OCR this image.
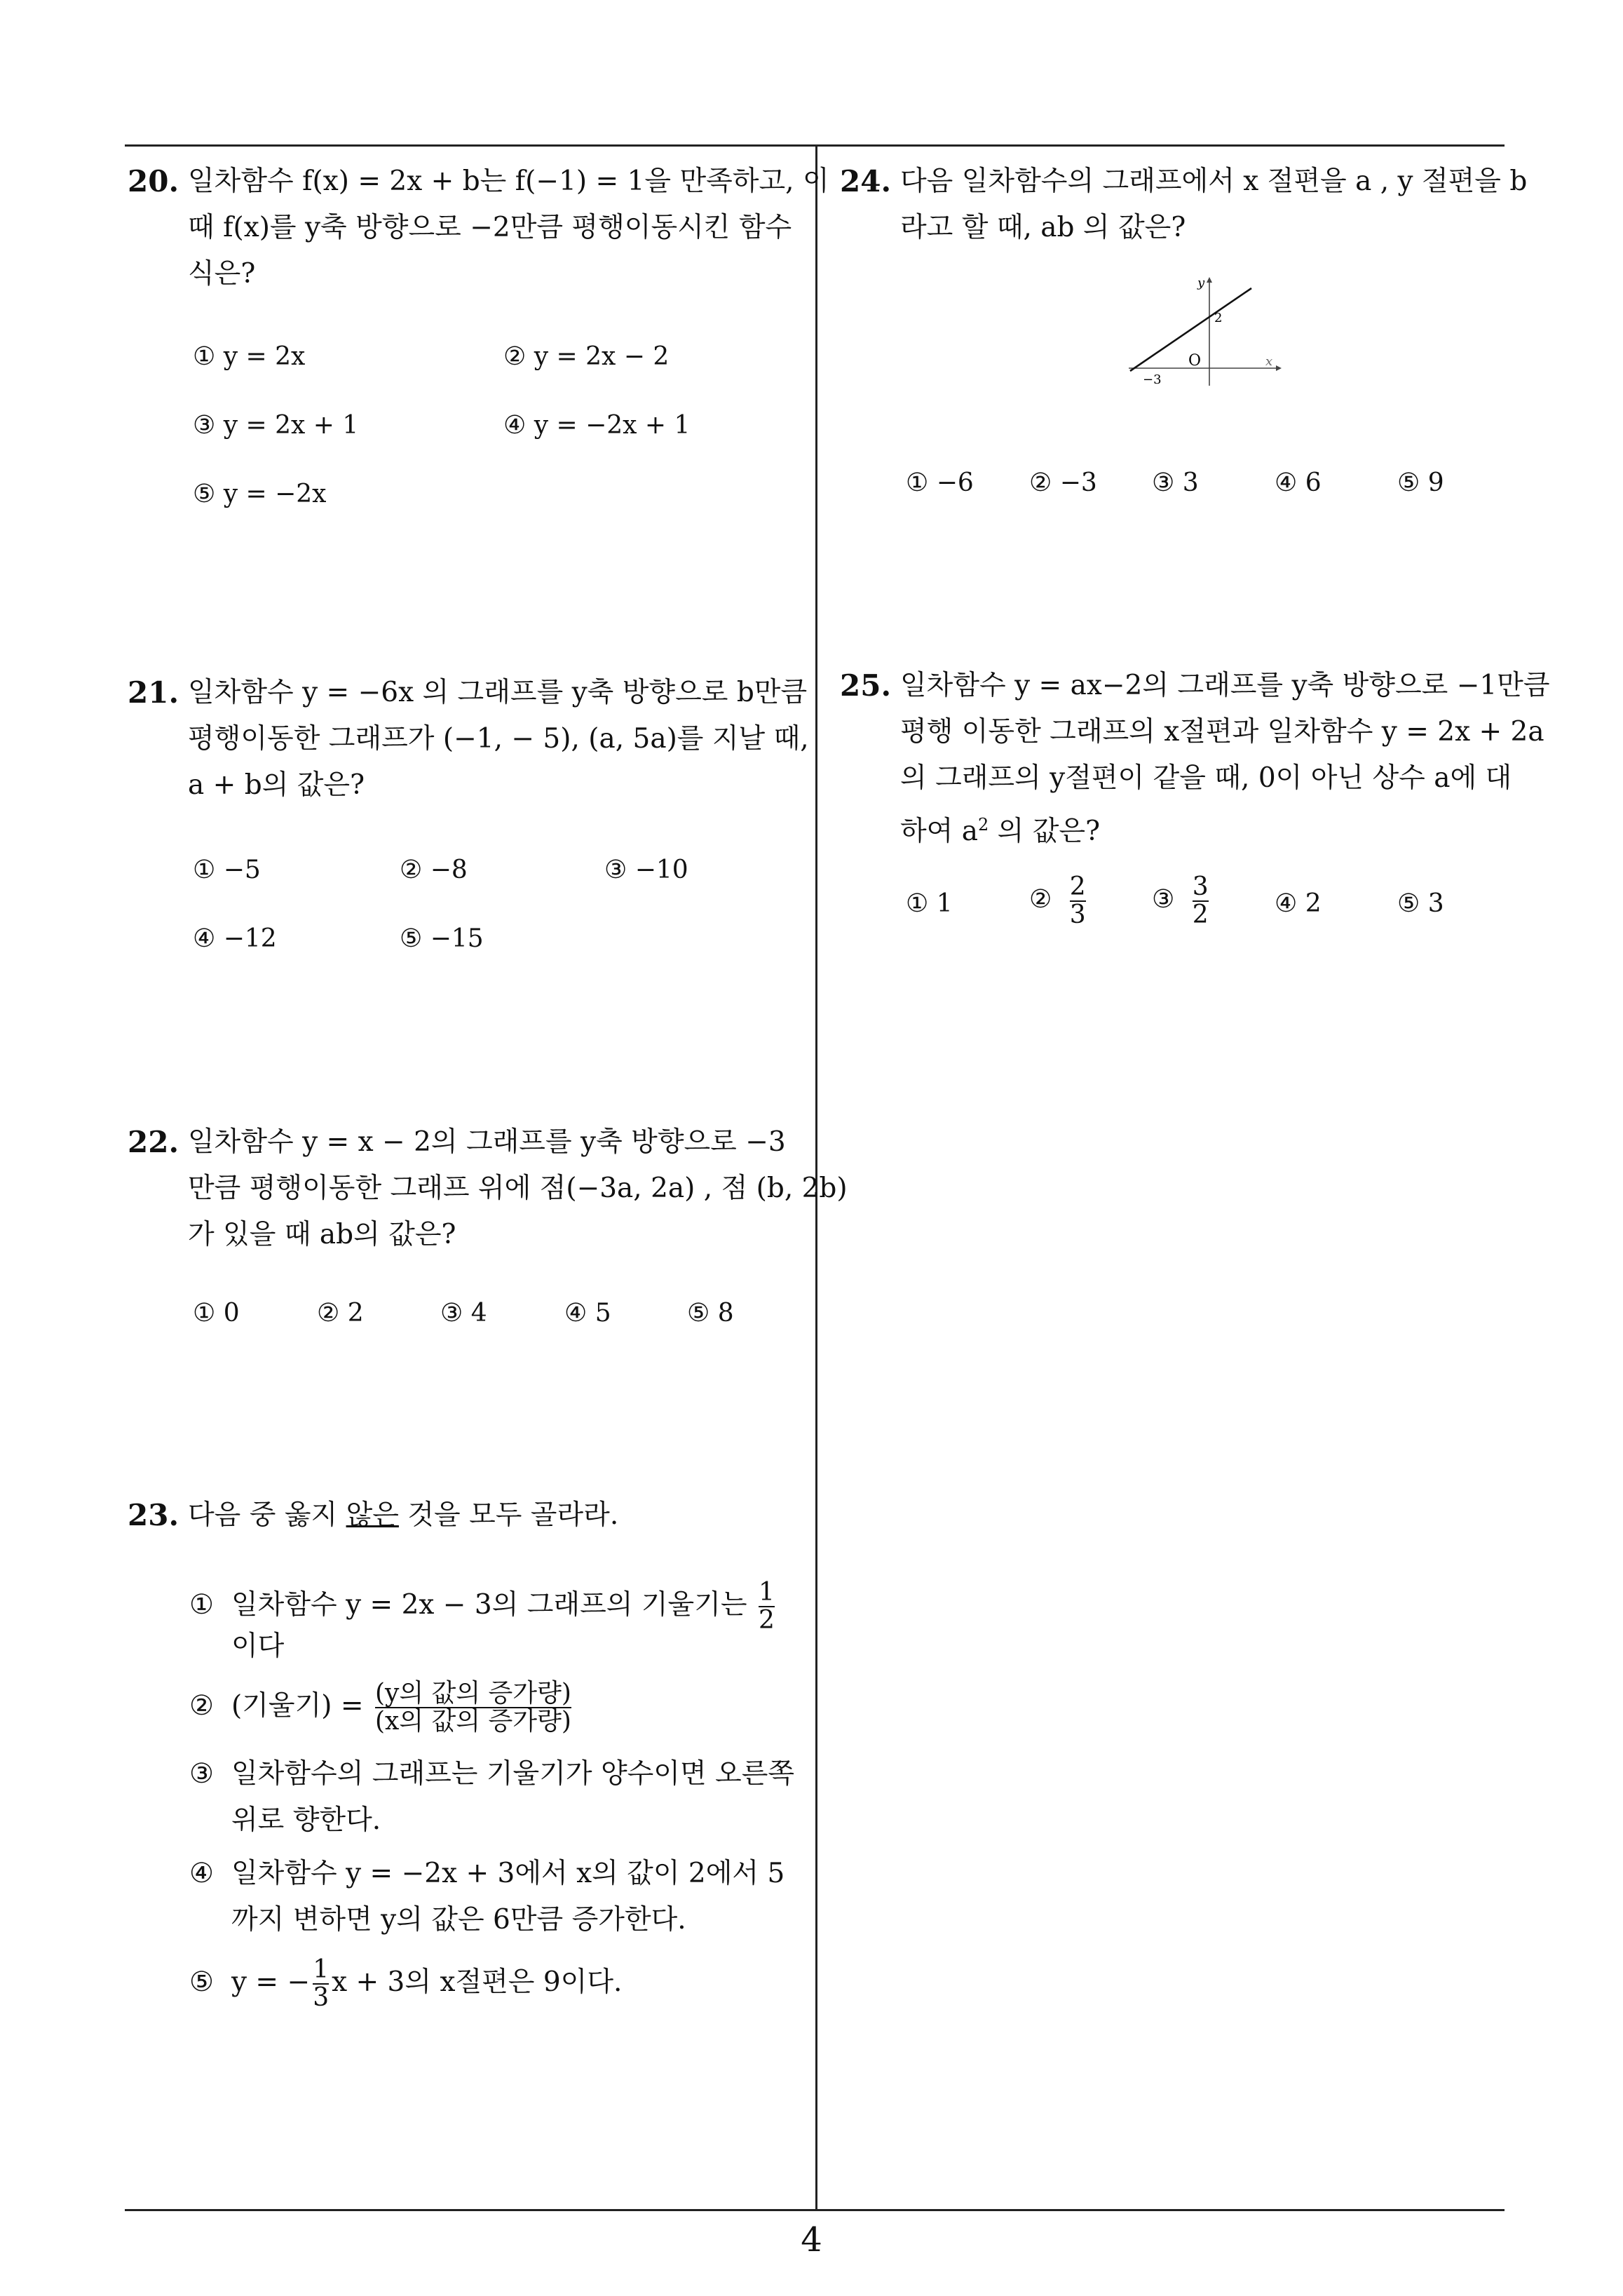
20. 일차함수 f(x) = 2x + b는 f(−1) = 1을 만족하고, 이
때 f(x)를 y축 방향으로 −2만큼 평행이동시킨 함수
식은?
① y = 2x	② y = 2x − 2
③ y = 2x + 1	④ y = −2x + 1
⑤ y = −2x
21. 일차함수 y = −6x 의 그래프를 y축 방향으로 b만큼
평행이동한 그래프가 (−1, − 5), (a, 5a)를 지날 때,
a + b의 값은?
① −5	② −8	③ −10
④ −12	⑤ −15
22. 일차함수 y = x − 2의 그래프를 y축 방향으로 −3
만큼 평행이동한 그래프 위에 점(−3a, 2a) , 점 (b, 2b)
가 있을 때 ab의 값은?
① 0	② 2	③ 4	④ 5	⑤ 8
23. 다음 중 옳지 않은 것을 모두 골라라.
① 일차함수 y = 2x − 3의 그래프의 기울기는 $\frac{1}{2}$
이다
② (기울기) = $\frac{\text{(y의 값의 증가량)}}{\text{(x의 값의 증가량)}}$
③ 일차함수의 그래프는 기울기가 양수이면 오른쪽
위로 향한다.
④ 일차함수 y = −2x + 3에서 x의 값이 2에서 5
까지 변하면 y의 값은 6만큼 증가한다.
⑤ y = − $\frac{1}{3}$ x + 3의 x절편은 9이다.
24. 다음 일차함수의 그래프에서 x 절편을 a , y 절편을 b
라고 할 때, ab 의 값은?
y
x
O
−3
2
① −6 ② −3 ③ 3	④ 6	⑤ 9
25. 일차함수 y = ax−2의 그래프를 y축 방향으로 −1만큼
평행 이동한 그래프의 x절편과 일차함수 y = 2x + 2a
의 그래프의 y절편이 같을 때, 0이 아닌 상수 a에 대
하여 $a^2$ 의 값은?
① 1	② $\frac{2}{3}$	③ $\frac{3}{2}$	④ 2	⑤ 3
4
